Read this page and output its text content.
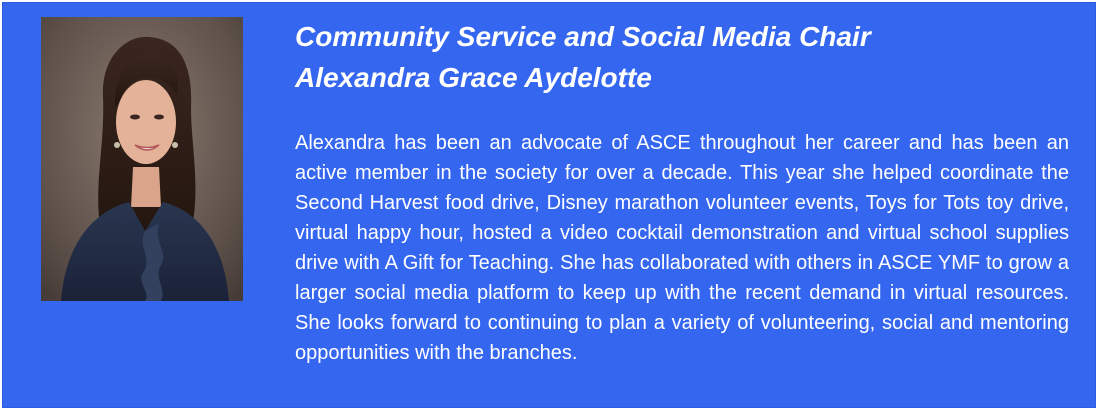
Community Service and Social Media Chair
Alexandra Grace Aydelotte

Alexandra has been an advocate of ASCE throughout her career and has been an active member in the society for over a decade. This year she helped coordinate the Second Harvest food drive, Disney marathon volunteer events, Toys for Tots toy drive, virtual happy hour, hosted a video cocktail demonstration and virtual school supplies drive with A Gift for Teaching. She has collaborated with others in ASCE YMF to grow a larger social media platform to keep up with the recent demand in virtual resources. She looks forward to continuing to plan a variety of volunteering, social and mentoring opportunities with the branches.
